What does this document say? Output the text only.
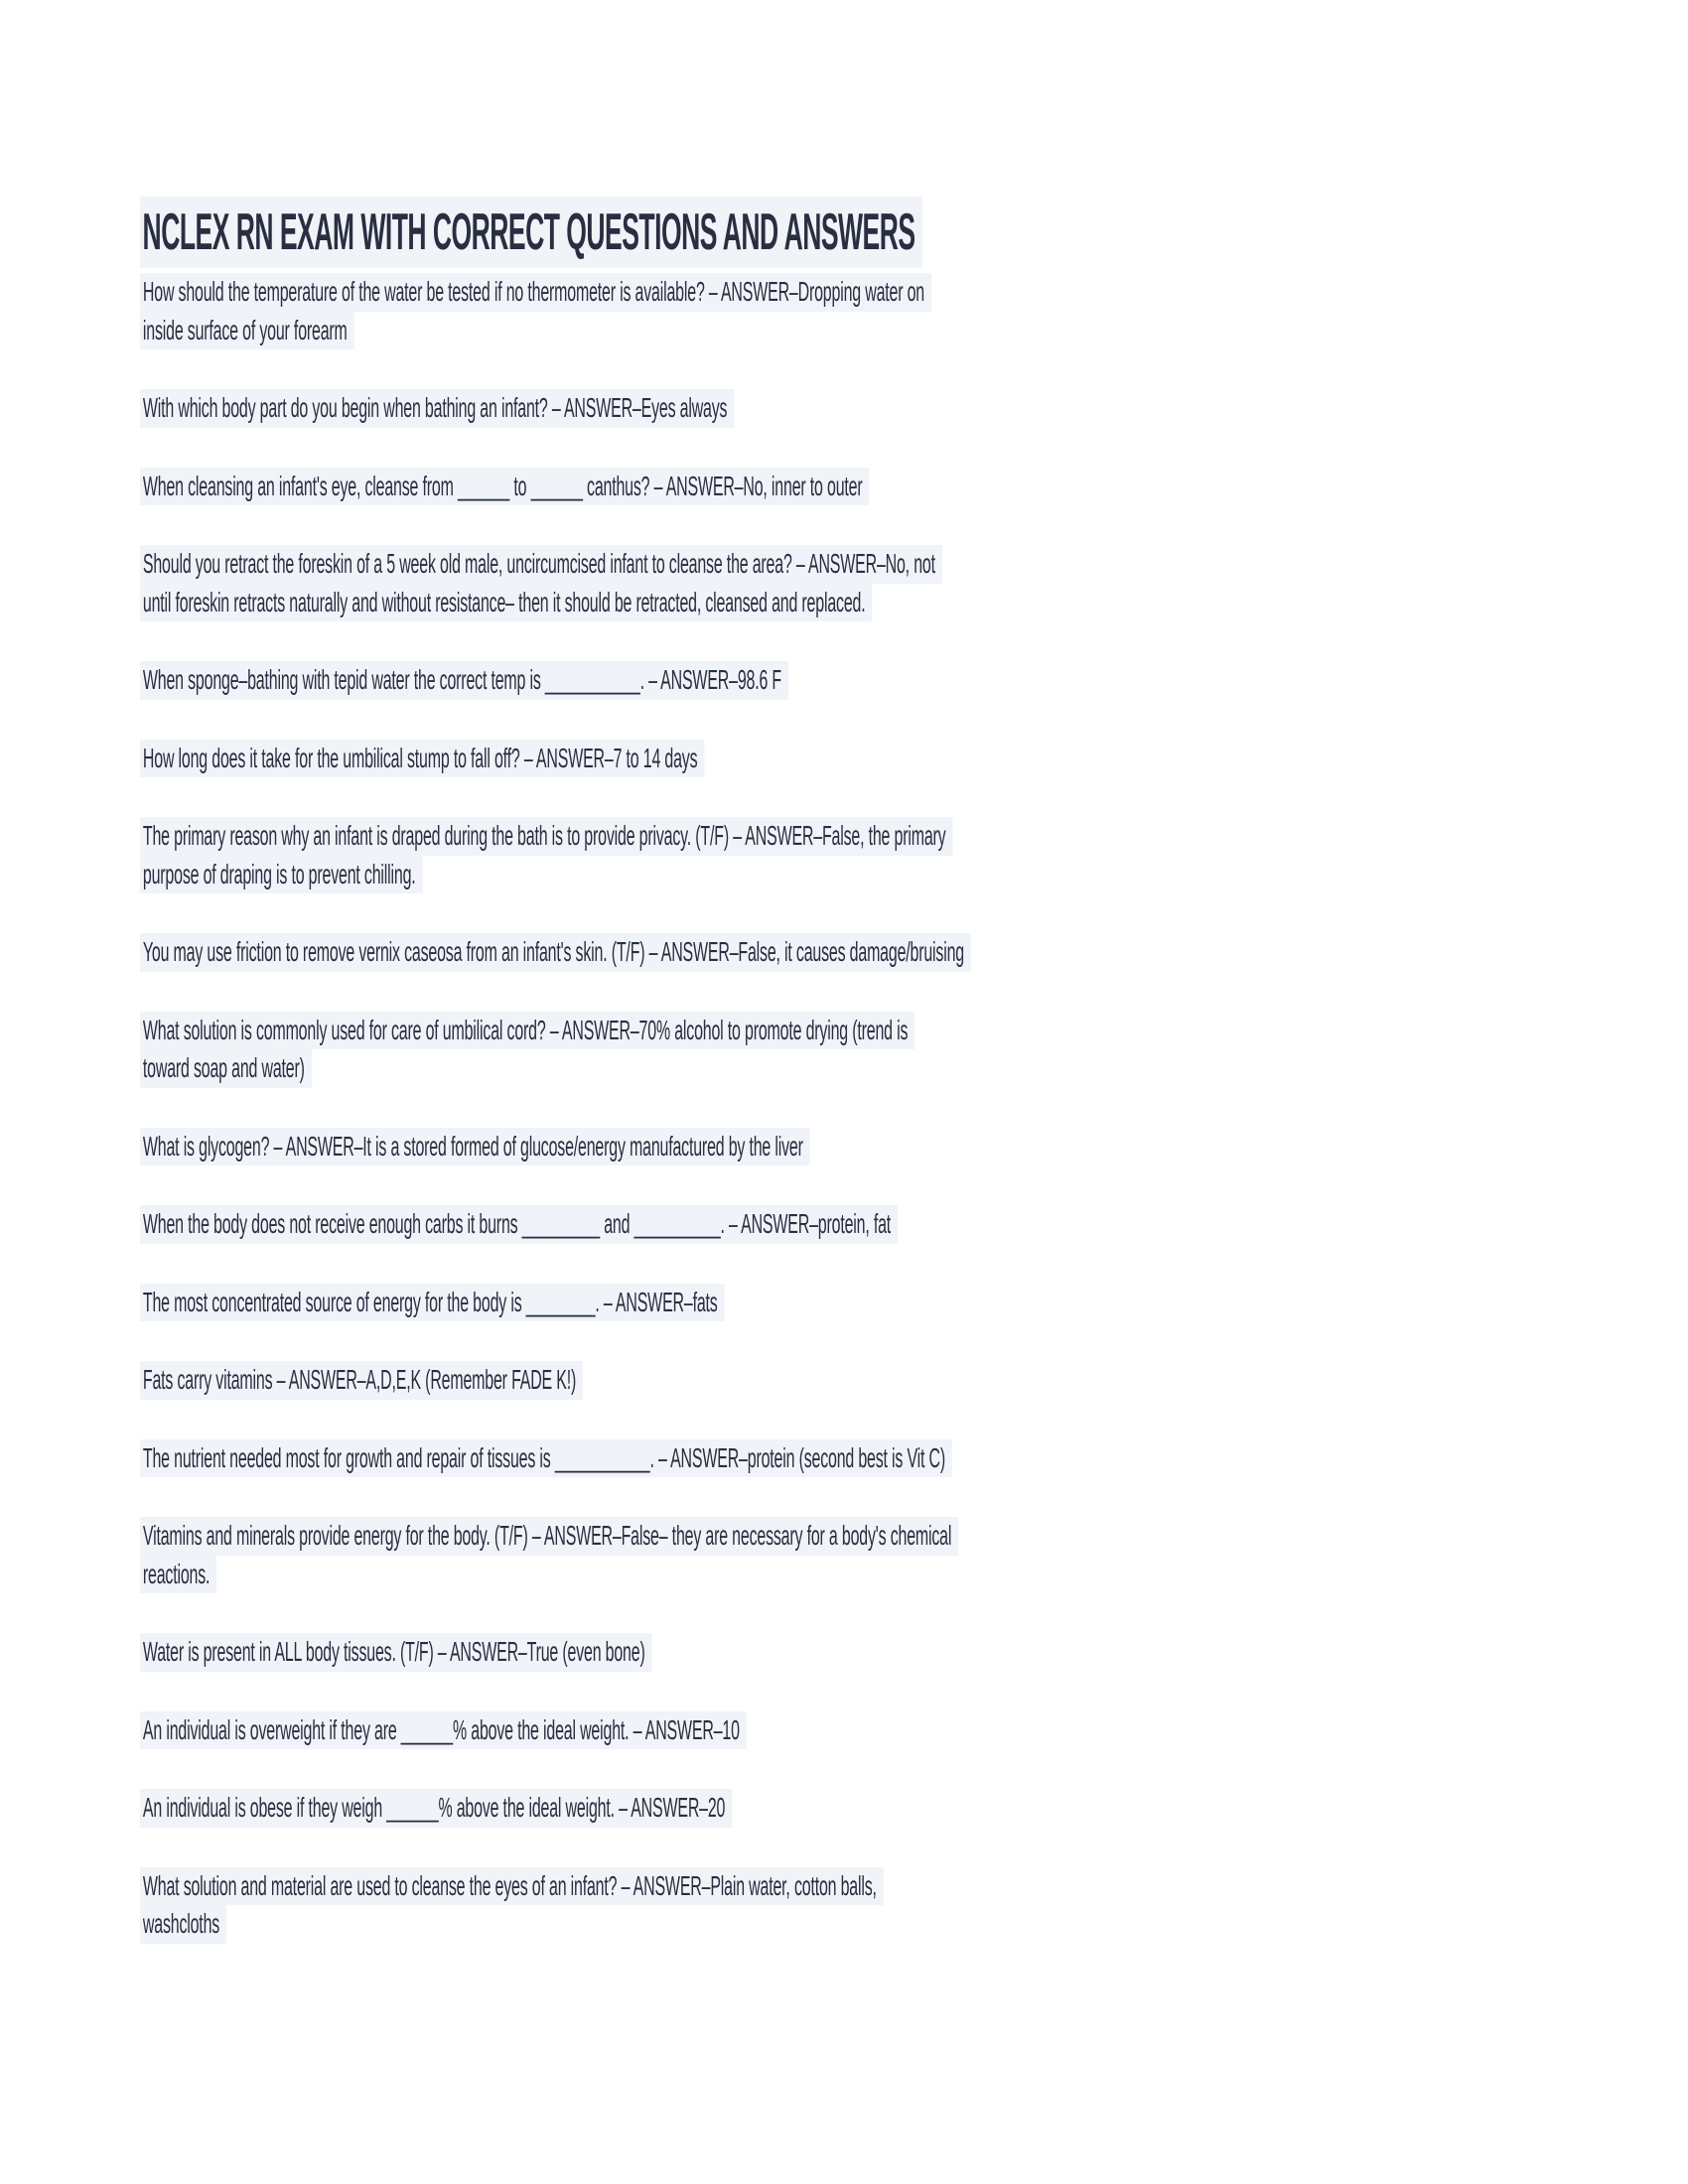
NCLEX RN EXAM WITH CORRECT QUESTIONS AND ANSWERS
How should the temperature of the water be tested if no thermometer is available? – ANSWER–Dropping water on
inside surface of your forearm
With which body part do you begin when bathing an infant? – ANSWER–Eyes always
When cleansing an infant's eye, cleanse from ______ to ______ canthus? – ANSWER–No, inner to outer
Should you retract the foreskin of a 5 week old male, uncircumcised infant to cleanse the area? – ANSWER–No, not
until foreskin retracts naturally and without resistance– then it should be retracted, cleansed and replaced.
When sponge–bathing with tepid water the correct temp is ___________. – ANSWER–98.6 F
How long does it take for the umbilical stump to fall off? – ANSWER–7 to 14 days
The primary reason why an infant is draped during the bath is to provide privacy. (T/F) – ANSWER–False, the primary
purpose of draping is to prevent chilling.
You may use friction to remove vernix caseosa from an infant's skin. (T/F) – ANSWER–False, it causes damage/bruising
What solution is commonly used for care of umbilical cord? – ANSWER–70% alcohol to promote drying (trend is
toward soap and water)
What is glycogen? – ANSWER–It is a stored formed of glucose/energy manufactured by the liver
When the body does not receive enough carbs it burns _________ and __________. – ANSWER–protein, fat
The most concentrated source of energy for the body is ________. – ANSWER–fats
Fats carry vitamins – ANSWER–A,D,E,K (Remember FADE K!)
The nutrient needed most for growth and repair of tissues is ___________. – ANSWER–protein (second best is Vit C)
Vitamins and minerals provide energy for the body. (T/F) – ANSWER–False– they are necessary for a body's chemical
reactions.
Water is present in ALL body tissues. (T/F) – ANSWER–True (even bone)
An individual is overweight if they are ______% above the ideal weight. – ANSWER–10
An individual is obese if they weigh ______% above the ideal weight. – ANSWER–20
What solution and material are used to cleanse the eyes of an infant? – ANSWER–Plain water, cotton balls,
washcloths
